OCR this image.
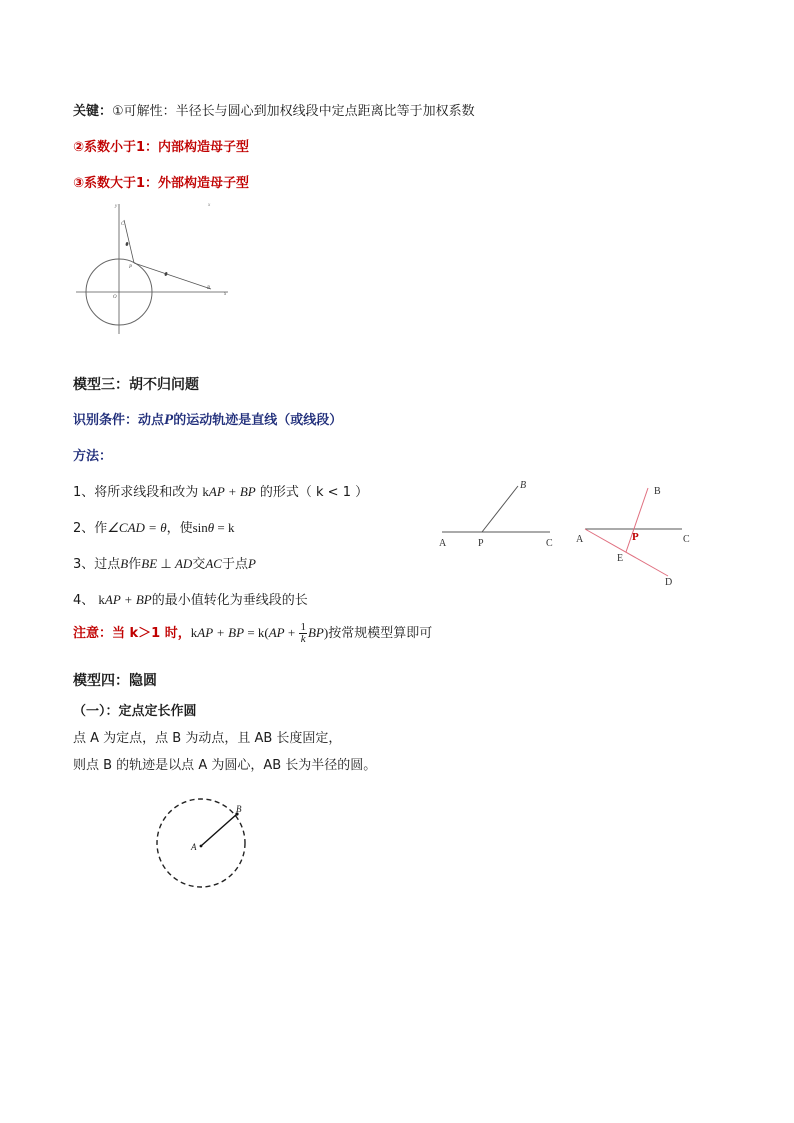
关键：①可解性：半径长与圆心到加权线段中定点距离比等于加权系数
②系数小于1：内部构造母子型
③系数大于1：外部构造母子型
y
C
P
B
x
O
x
模型三：胡不归问题
识别条件：动点P的运动轨迹是直线（或线段）
方法：
1、将所求线段和改为 kAP + BP 的形式（ k < 1 ）
2、作∠CAD = θ，使sinθ = k
3、过点B作BE ⊥ AD交AC于点P
4、 kAP + BP的最小值转化为垂线段的长
注意：当 k＞1 时，kAP + BP = $k(AP + \frac{1}{k} BP)$按常规模型算即可
A	P	C
B
A	P	C
B
E
D
模型四：隐圆
（一）：定点定长作圆
点 A 为定点，点 B 为动点，且 AB 长度固定，
则点 B 的轨迹是以点 A 为圆心，AB 长为半径的圆。
A
B
